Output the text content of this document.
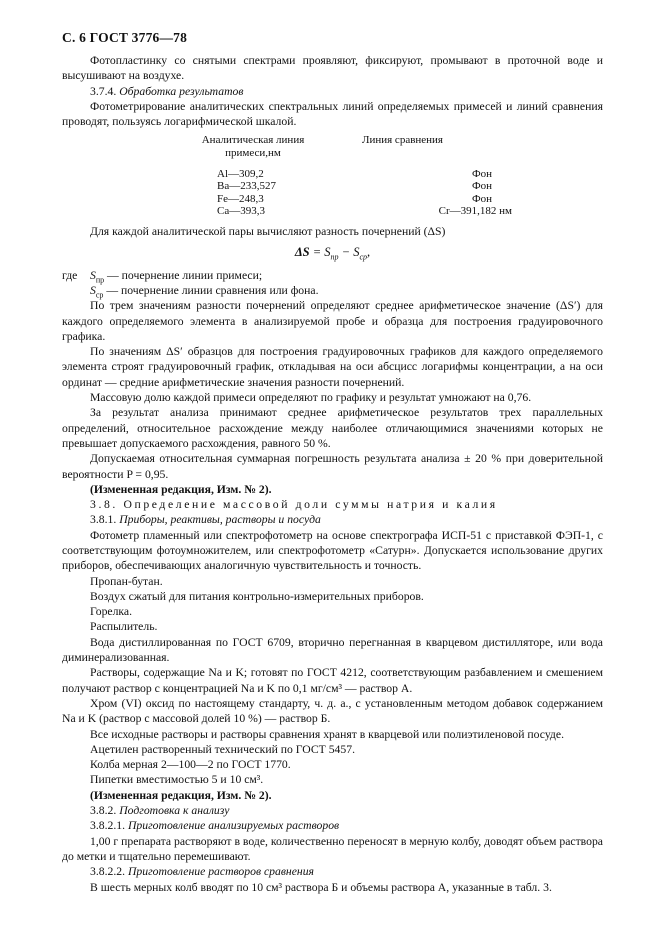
С. 6 ГОСТ 3776—78

Фотопластинку со снятыми спектрами проявляют, фиксируют, промывают в проточной воде и высушивают на воздухе.

3.7.4. Обработка результатов

Фотометрирование аналитических спектральных линий определяемых примесей и линий сравнения проводят, пользуясь логарифмической шкалой.

Аналитическая линия
примеси,нм
Линия сравнения
Al—309,2	Фон
Ba—233,527	Фон
Fe—248,3	Фон
Ca—393,3	Cr—391,182 нм

Для каждой аналитической пары вычисляют разность почернений (ΔS)

$\Delta S = S_{пр} - S_{ср}$,
где	$S_{пр}$ — почернение линии примеси;
$S_{ср}$ — почернение линии сравнения или фона.

По трем значениям разности почернений определяют среднее арифметическое значение (ΔS′) для каждого определяемого элемента в анализируемой пробе и образца для построения градуировочного графика.

По значениям ΔS′ образцов для построения градуировочных графиков для каждого определяемого элемента строят градуировочный график, откладывая на оси абсцисс логарифмы концентрации, а на оси ординат — средние арифметические значения разности почернений.

Массовую долю каждой примеси определяют по графику и результат умножают на 0,76.

За результат анализа принимают среднее арифметическое результатов трех параллельных определений, относительное расхождение между наиболее отличающимися значениями которых не превышает допускаемого расхождения, равного 50 %.

Допускаемая относительная суммарная погрешность результата анализа ± 20 % при доверительной вероятности P = 0,95.

(Измененная редакция, Изм. № 2).

3.8. Определение массовой доли суммы натрия и калия

3.8.1. Приборы, реактивы, растворы и посуда

Фотометр пламенный или спектрофотометр на основе спектрографа ИСП-51 с приставкой ФЭП-1, с соответствующим фотоумножителем, или спектрофотометр «Сатурн». Допускается использование других приборов, обеспечивающих аналогичную чувствительность и точность.

Пропан-бутан.

Воздух сжатый для питания контрольно-измерительных приборов.

Горелка.

Распылитель.

Вода дистиллированная по ГОСТ 6709, вторично перегнанная в кварцевом дистилляторе, или вода диминерализованная.

Растворы, содержащие Na и K; готовят по ГОСТ 4212, соответствующим разбавлением и смешением получают раствор с концентрацией Na и K по 0,1 мг/см³ — раствор А.

Хром (VI) оксид по настоящему стандарту, ч. д. а., с установленным методом добавок содержанием Na и K (раствор с массовой долей 10 %) — раствор Б.

Все исходные растворы и растворы сравнения хранят в кварцевой или полиэтиленовой посуде.

Ацетилен растворенный технический по ГОСТ 5457.

Колба мерная 2—100—2 по ГОСТ 1770.

Пипетки вместимостью 5 и 10 см³.

(Измененная редакция, Изм. № 2).

3.8.2. Подготовка к анализу

3.8.2.1. Приготовление анализируемых растворов

1,00 г препарата растворяют в воде, количественно переносят в мерную колбу, доводят объем раствора до метки и тщательно перемешивают.

3.8.2.2. Приготовление растворов сравнения

В шесть мерных колб вводят по 10 см³ раствора Б и объемы раствора А, указанные в табл. 3.
